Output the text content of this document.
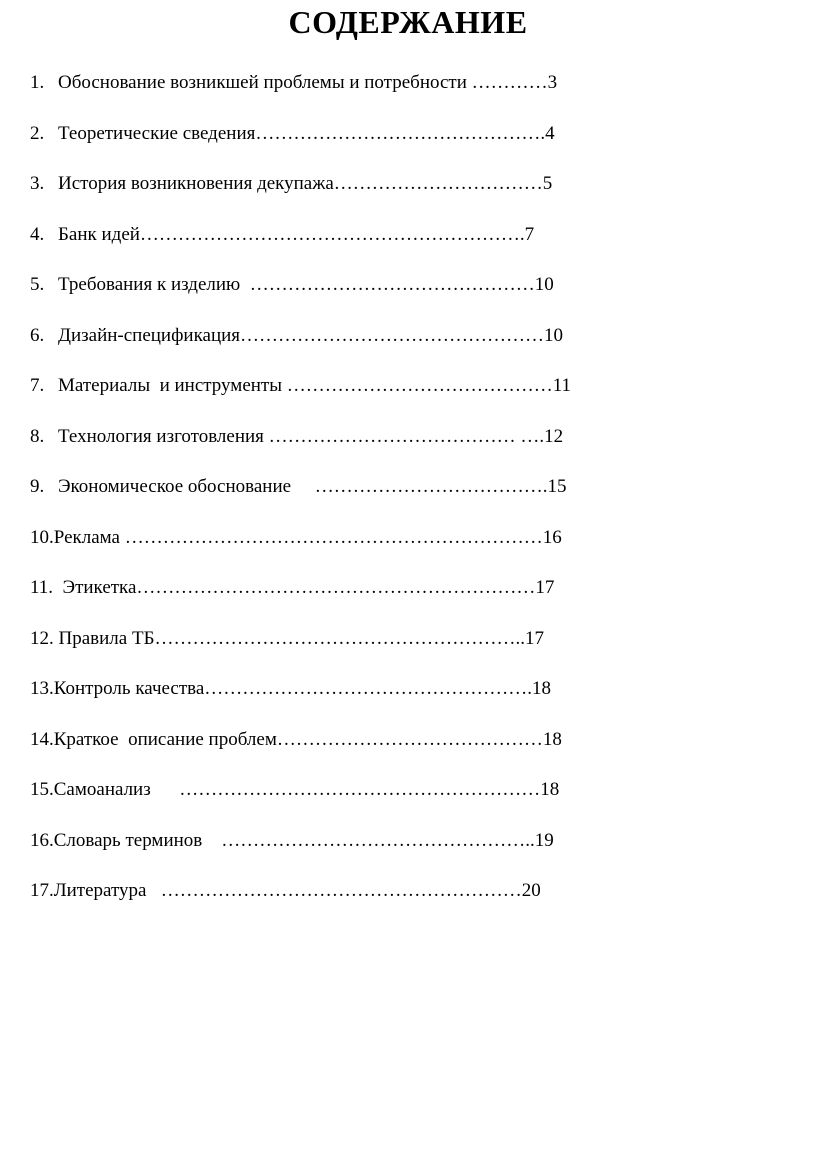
СОДЕРЖАНИЕ
1. Обоснование возникшей проблемы и потребности …………3
2. Теоретические сведения……………………………………….4
3. История возникновения декупажа……………………………5
4. Банк идей…………………………………………………….7
5. Требования к изделию  ………………………………………10
6. Дизайн-спецификация…………………………………………10
7. Материалы  и инструменты ……………………………………11
8. Технология изготовления ………………………………… ….12
9. Экономическое обоснование     ……………………………….15
10.Реклама …………………………………………………………16
11.  Этикетка………………………………………………………17
12. Правила ТБ…………………………………………………..17
13.Контроль качества…………………………………………….18
14.Краткое  описание проблем……………………………………18
15.Самоанализ      …………………………………………………18
16.Словарь терминов    …………………………………………..19
17.Литература   …………………………………………………20
